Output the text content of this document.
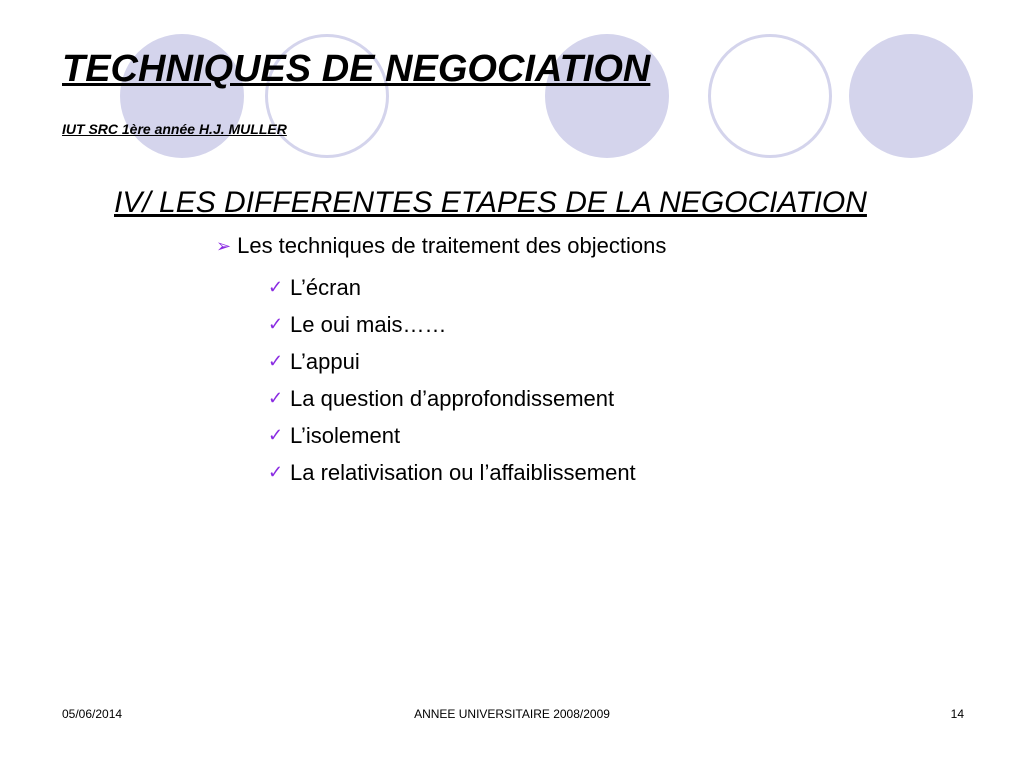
TECHNIQUES DE NEGOCIATION
IUT SRC 1ère année H.J. MULLER
IV/ LES DIFFERENTES ETAPES DE LA NEGOCIATION
➢ Les techniques de traitement des objections
✓ L’écran
✓ Le oui mais……
✓ L’appui
✓ La question d’approfondissement
✓ L’isolement
✓ La relativisation ou l’affaiblissement
05/06/2014	ANNEE UNIVERSITAIRE 2008/2009	14
